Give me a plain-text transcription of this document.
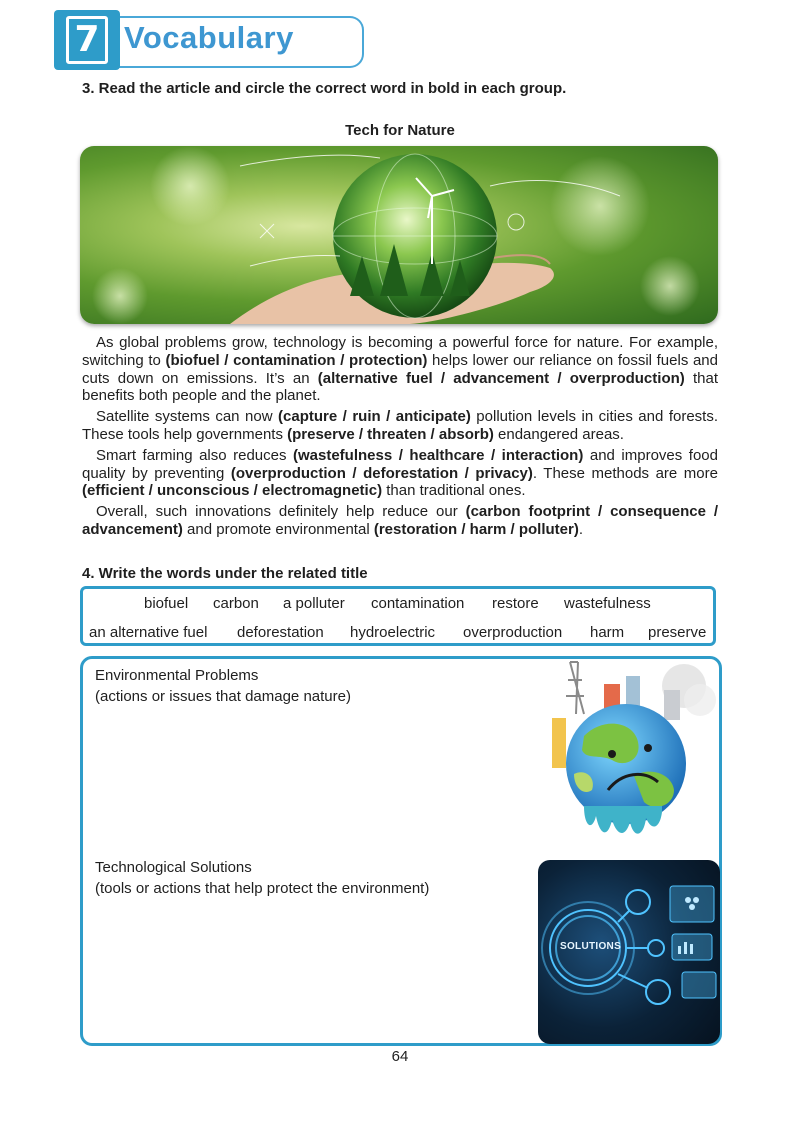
7 Vocabulary
3. Read the article and circle the correct word in bold in each group.
Tech for Nature

As global problems grow, technology is becoming a powerful force for nature. For example, switching to (biofuel / contamination / protection) helps lower our reliance on fossil fuels and cuts down on emissions. It’s an (alternative fuel / advancement / overproduction) that benefits both people and the planet.

Satellite systems can now (capture / ruin / anticipate) pollution levels in cities and forests. These tools help governments (preserve / threaten / absorb) endangered areas.

Smart farming also reduces (wastefulness / healthcare / interaction) and improves food quality by preventing (overproduction / deforestation / privacy). These methods are more (efficient / unconscious / electromagnetic) than traditional ones.

Overall, such innovations definitely help reduce our (carbon footprint / consequence / advancement) and promote environmental (restoration / harm / polluter).

4. Write the words under the related title
biofuel carbon a polluter contamination restore wastefulness
an alternative fuel deforestation hydroelectric overproduction harm preserve
Environmental Problems
(actions or issues that damage nature)
Technological Solutions
(tools or actions that help protect the environment)
SOLUTIONS
64
